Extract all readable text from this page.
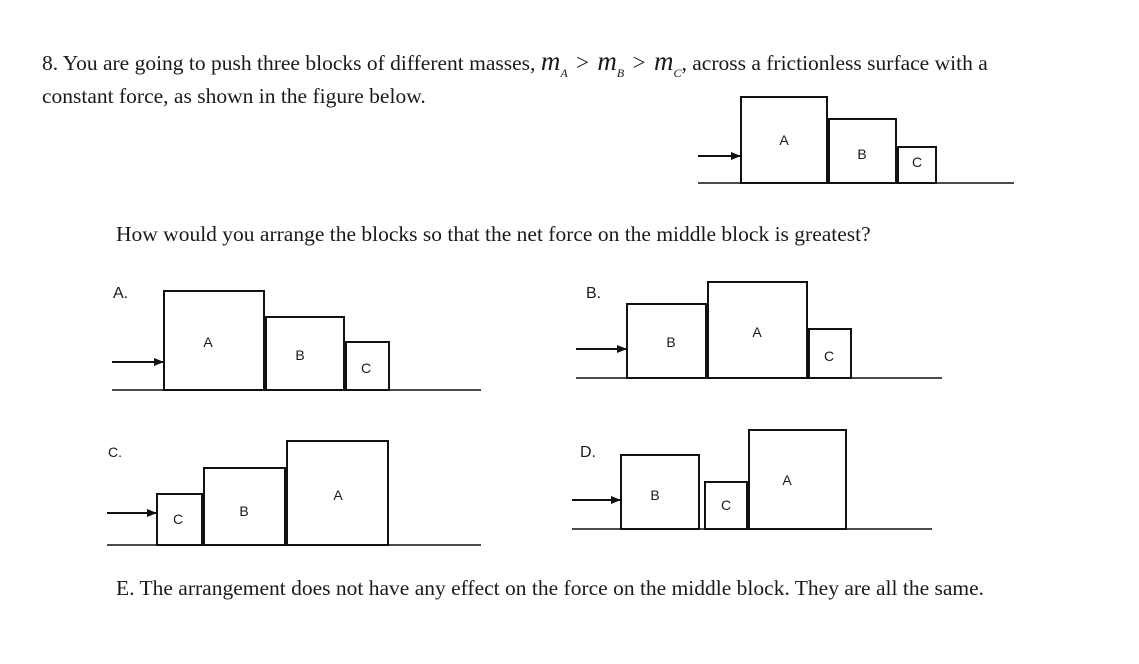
8. You are going to push three blocks of different masses, $m_A > m_B > m_C$, across a frictionless surface with a
constant force, as shown in the figure below.
How would you arrange the blocks so that the net force on the middle block is greatest?
A.	B.
C.	D.
A
B	C
A
B
C
B
A
C
C	B
A	B
C
A
E. The arrangement does not have any effect on the force on the middle block. They are all the same.
